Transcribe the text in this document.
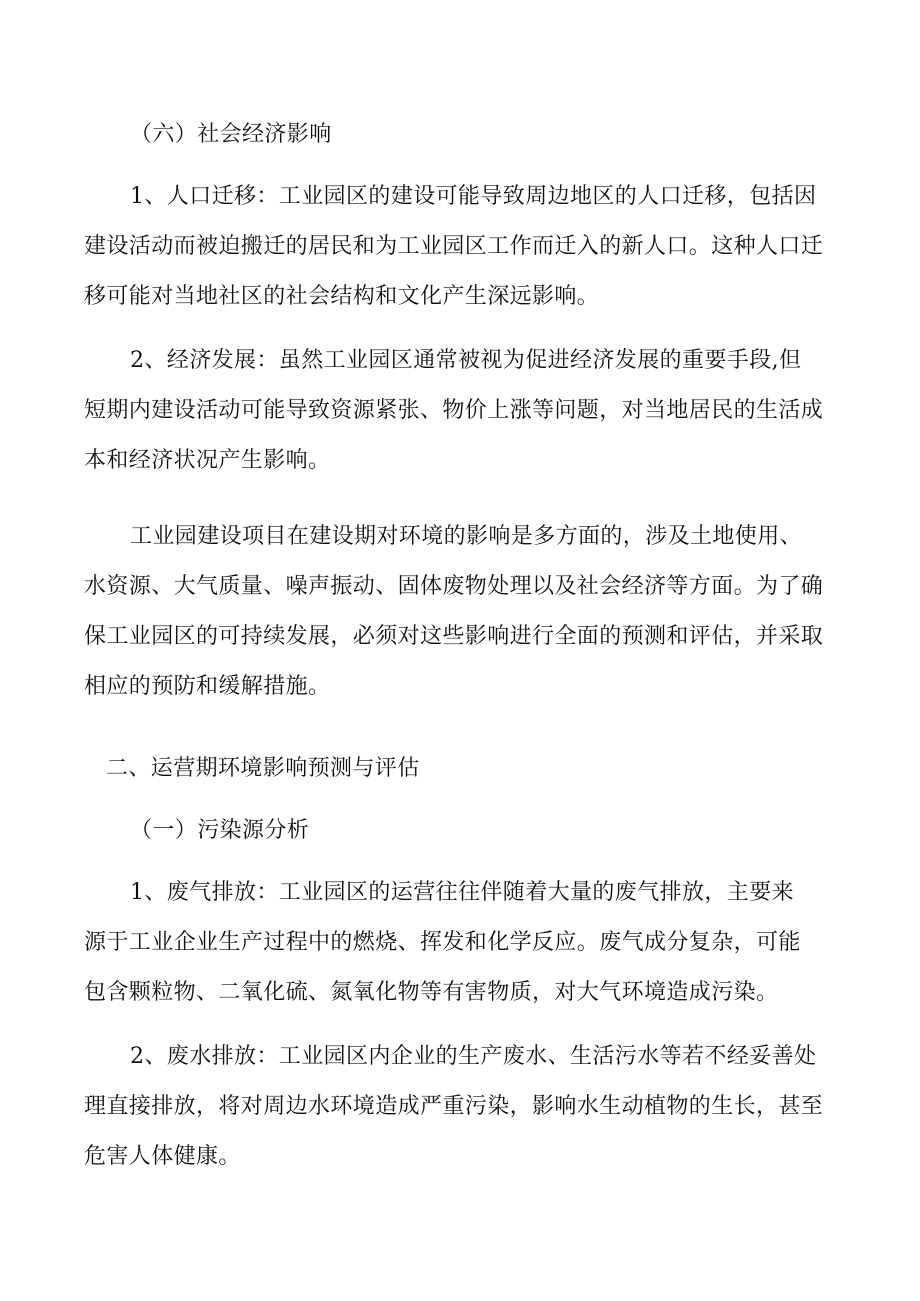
（六）社会经济影响
1、人口迁移：工业园区的建设可能导致周边地区的人口迁移，包括因
建设活动而被迫搬迁的居民和为工业园区工作而迁入的新人口。这种人口迁
移可能对当地社区的社会结构和文化产生深远影响。
2、经济发展：虽然工业园区通常被视为促进经济发展的重要手段,但
短期内建设活动可能导致资源紧张、物价上涨等问题，对当地居民的生活成
本和经济状况产生影响。
工业园建设项目在建设期对环境的影响是多方面的，涉及土地使用、
水资源、大气质量、噪声振动、固体废物处理以及社会经济等方面。为了确
保工业园区的可持续发展，必须对这些影响进行全面的预测和评估，并采取
相应的预防和缓解措施。
二、运营期环境影响预测与评估
（一）污染源分析
1、废气排放：工业园区的运营往往伴随着大量的废气排放，主要来
源于工业企业生产过程中的燃烧、挥发和化学反应。废气成分复杂，可能
包含颗粒物、二氧化硫、氮氧化物等有害物质，对大气环境造成污染。
2、废水排放：工业园区内企业的生产废水、生活污水等若不经妥善处
理直接排放，将对周边水环境造成严重污染，影响水生动植物的生长，甚至
危害人体健康。
